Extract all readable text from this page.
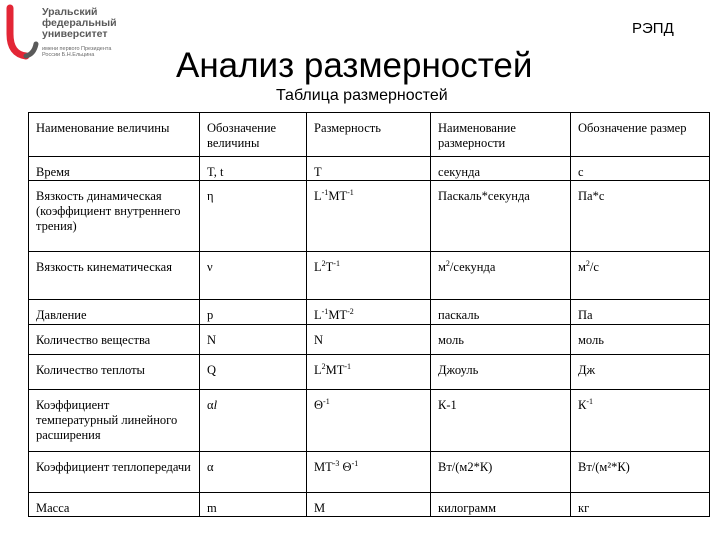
Уральский
федеральный
университет
имени первого Президента
России Б.Н.Ельцина
РЭПД
Анализ размерностей
Таблица размерностей
Наименование величины	Обозначение величины	Размерность	Наименование размерности	Обозначение размер
Время	T, t	T	секунда	с
Вязкость динамическая (коэффициент внутреннего трения)	η	$L^{-1}MT^{-1}$	Паскаль*секунда	Па*с
Вязкость кинематическая	ν	$L^2T^{-1}$	$м^2$/секунда	$м^2/с$
Давление	p	$L^{-1}MT^{-2}$	паскаль	Па
Количество вещества	N	N	моль	моль
Количество теплоты	Q	$L^2MT^{-1}$	Джоуль	Дж
Коэффициент температурный линейного расширения	αl	$\Theta^{-1}$	К-1	$К^{-1}$
Коэффициент теплопередачи	α	$MT^{-3}$ $\Theta^{-1}$	Вт/(м2*К)	Вт/(м²*К)
Масса	m	M	килограмм	кг
